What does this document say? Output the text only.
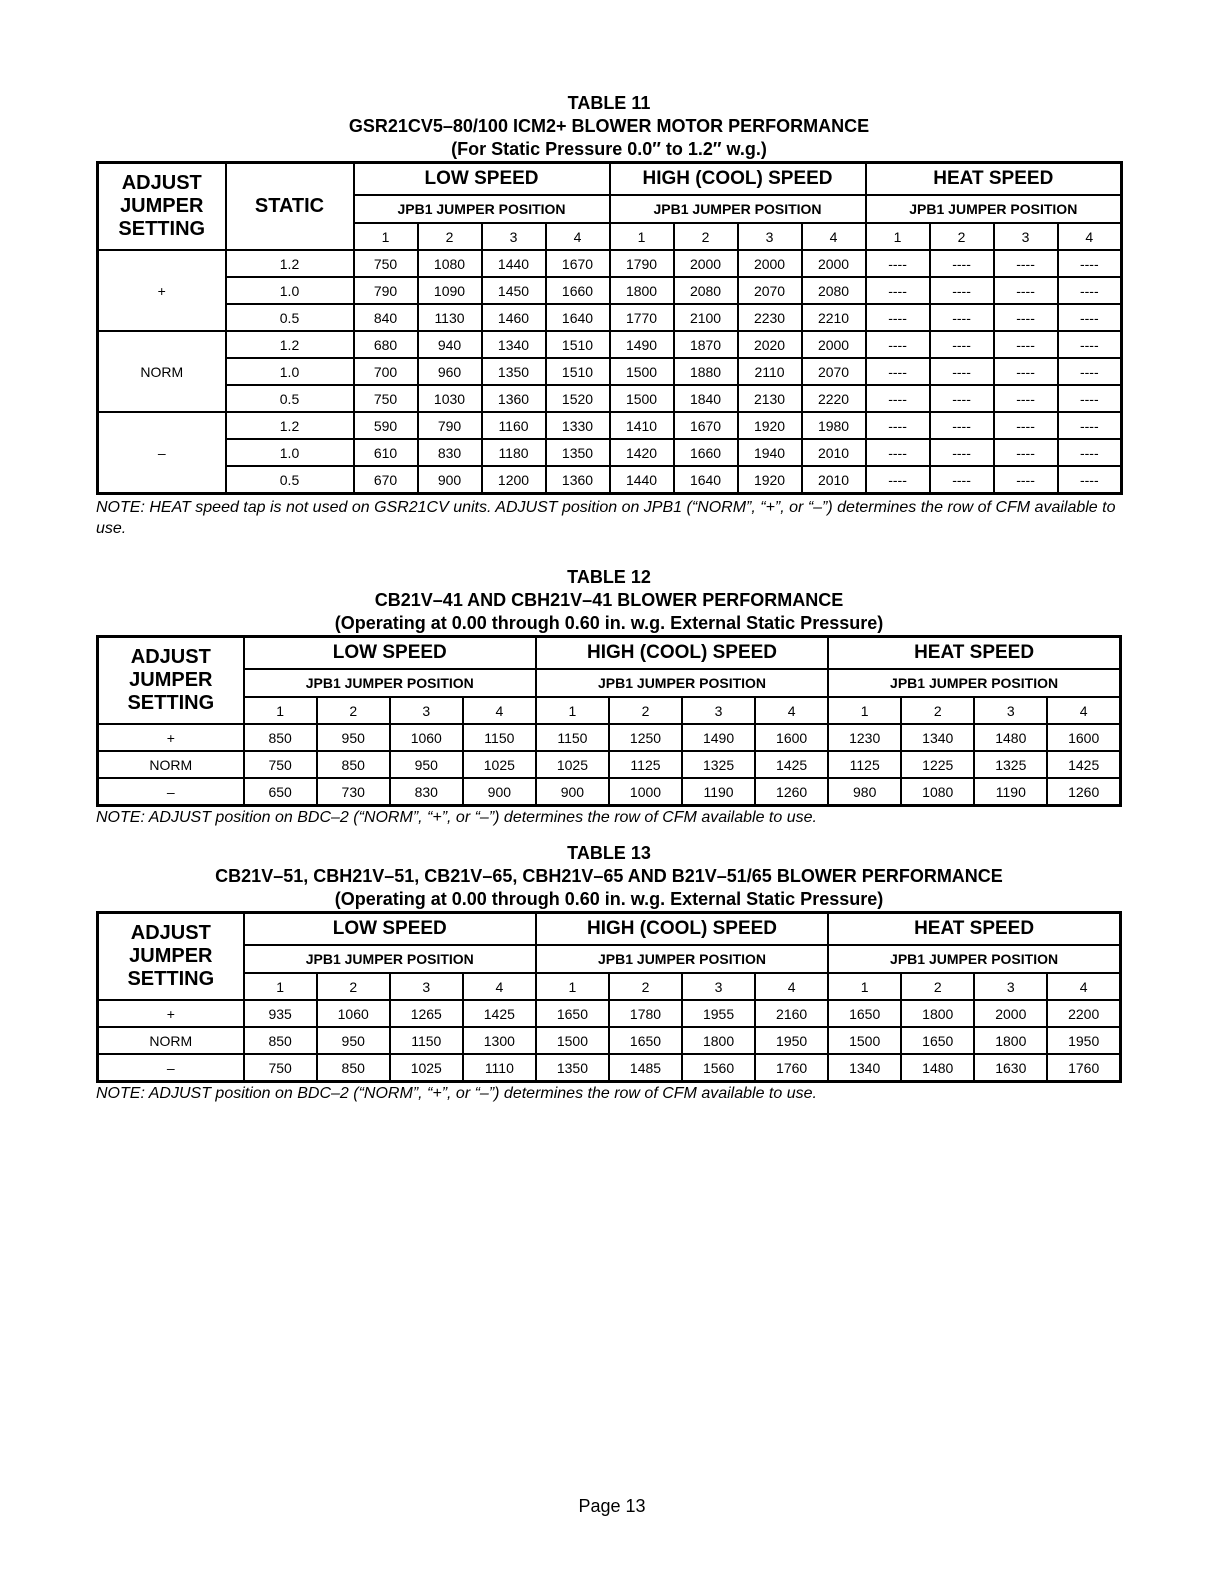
TABLE 11
GSR21CV5–80/100 ICM2+ BLOWER MOTOR PERFORMANCE
(For Static Pressure 0.0″ to 1.2″ w.g.)
ADJUST JUMPER SETTING	STATIC	LOW SPEED				HIGH (COOL) SPEED				HEAT SPEED			
		JPB1 JUMPER POSITION				JPB1 JUMPER POSITION				JPB1 JUMPER POSITION			
		1	2	3	4	1	2	3	4	1	2	3	4
+	1.2	750	1080	1440	1670	1790	2000	2000	2000	----	----	----	----
	1.0	790	1090	1450	1660	1800	2080	2070	2080	----	----	----	----
	0.5	840	1130	1460	1640	1770	2100	2230	2210	----	----	----	----
NORM	1.2	680	940	1340	1510	1490	1870	2020	2000	----	----	----	----
	1.0	700	960	1350	1510	1500	1880	2110	2070	----	----	----	----
	0.5	750	1030	1360	1520	1500	1840	2130	2220	----	----	----	----
–	1.2	590	790	1160	1330	1410	1670	1920	1980	----	----	----	----
	1.0	610	830	1180	1350	1420	1660	1940	2010	----	----	----	----
	0.5	670	900	1200	1360	1440	1640	1920	2010	----	----	----	----
NOTE: HEAT speed tap is not used on GSR21CV units. ADJUST position on JPB1 (“NORM”, “+”, or “–”) determines the row of CFM available to use.
TABLE 12
CB21V–41 AND CBH21V–41 BLOWER PERFORMANCE
(Operating at 0.00 through 0.60 in. w.g. External Static Pressure)
ADJUST JUMPER SETTING	LOW SPEED				HIGH (COOL) SPEED				HEAT SPEED			
	JPB1 JUMPER POSITION				JPB1 JUMPER POSITION				JPB1 JUMPER POSITION			
	1	2	3	4	1	2	3	4	1	2	3	4
+	850	950	1060	1150	1150	1250	1490	1600	1230	1340	1480	1600
NORM	750	850	950	1025	1025	1125	1325	1425	1125	1225	1325	1425
–	650	730	830	900	900	1000	1190	1260	980	1080	1190	1260
NOTE: ADJUST position on BDC–2 (“NORM”, “+”, or “–”) determines the row of CFM available to use.
TABLE 13
CB21V–51, CBH21V–51, CB21V–65, CBH21V–65 AND B21V–51/65 BLOWER PERFORMANCE
(Operating at 0.00 through 0.60 in. w.g. External Static Pressure)
ADJUST JUMPER SETTING	LOW SPEED				HIGH (COOL) SPEED				HEAT SPEED			
	JPB1 JUMPER POSITION				JPB1 JUMPER POSITION				JPB1 JUMPER POSITION			
	1	2	3	4	1	2	3	4	1	2	3	4
+	935	1060	1265	1425	1650	1780	1955	2160	1650	1800	2000	2200
NORM	850	950	1150	1300	1500	1650	1800	1950	1500	1650	1800	1950
–	750	850	1025	1110	1350	1485	1560	1760	1340	1480	1630	1760
NOTE: ADJUST position on BDC–2 (“NORM”, “+”, or “–”) determines the row of CFM available to use.
Page 13
